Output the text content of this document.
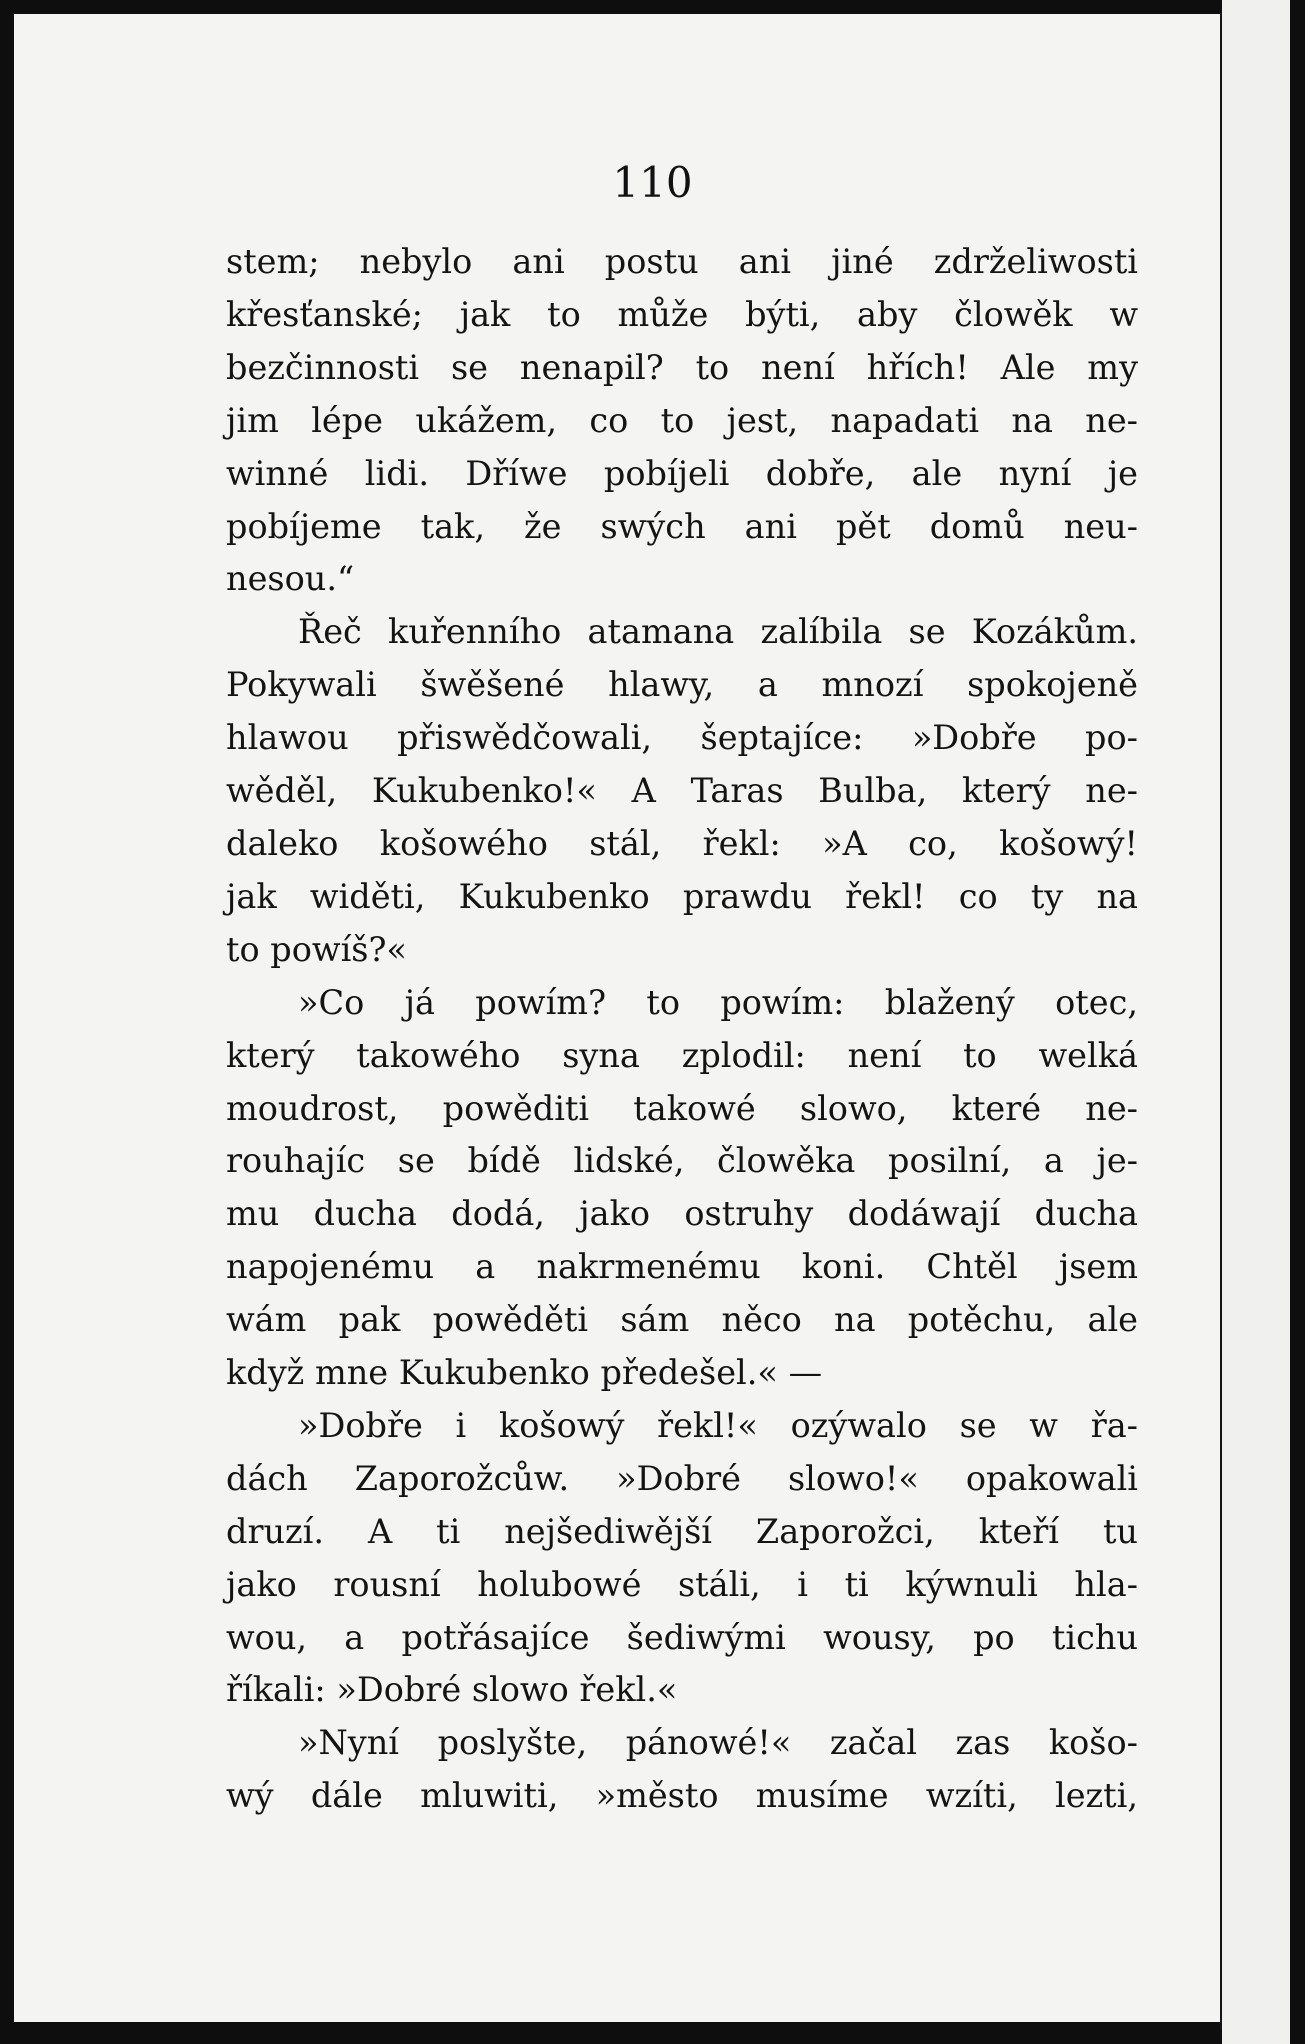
110
stem; nebylo ani postu ani jiné zdrželiwosti
křesťanské; jak to může býti, aby člowěk w
bezčinnosti se nenapil? to není hřích! Ale my
jim lépe ukážem, co to jest, napadati na ne-
winné lidi. Dříwe pobíjeli dobře, ale nyní je
pobíjeme tak, že swých ani pět domů neu-
nesou.“
Řeč kuřenního atamana zalíbila se Kozákům.
Pokywali šwěšené hlawy, a mnozí spokojeně
hlawou přiswědčowali, šeptajíce: »Dobře po-
wěděl, Kukubenko!« A Taras Bulba, který ne-
daleko košowého stál, řekl: »A co, košowý!
jak widěti, Kukubenko prawdu řekl! co ty na
to powíš?«
»Co já powím? to powím: blažený otec,
který takowého syna zplodil: není to welká
moudrost, powěditi takowé slowo, které ne-
rouhajíc se bídě lidské, člowěka posilní, a je-
mu ducha dodá, jako ostruhy dodáwají ducha
napojenému a nakrmenému koni. Chtěl jsem
wám pak powěděti sám něco na potěchu, ale
když mne Kukubenko předešel.« —
»Dobře i košowý řekl!« ozýwalo se w řa-
dách Zaporožcůw. »Dobré slowo!« opakowali
druzí. A ti nejšediwější Zaporožci, kteří tu
jako rousní holubowé stáli, i ti kýwnuli hla-
wou, a potřásajíce šediwými wousy, po tichu
říkali: »Dobré slowo řekl.«
»Nyní poslyšte, pánowé!« začal zas košo-
wý dále mluwiti, »město musíme wzíti, lezti,
